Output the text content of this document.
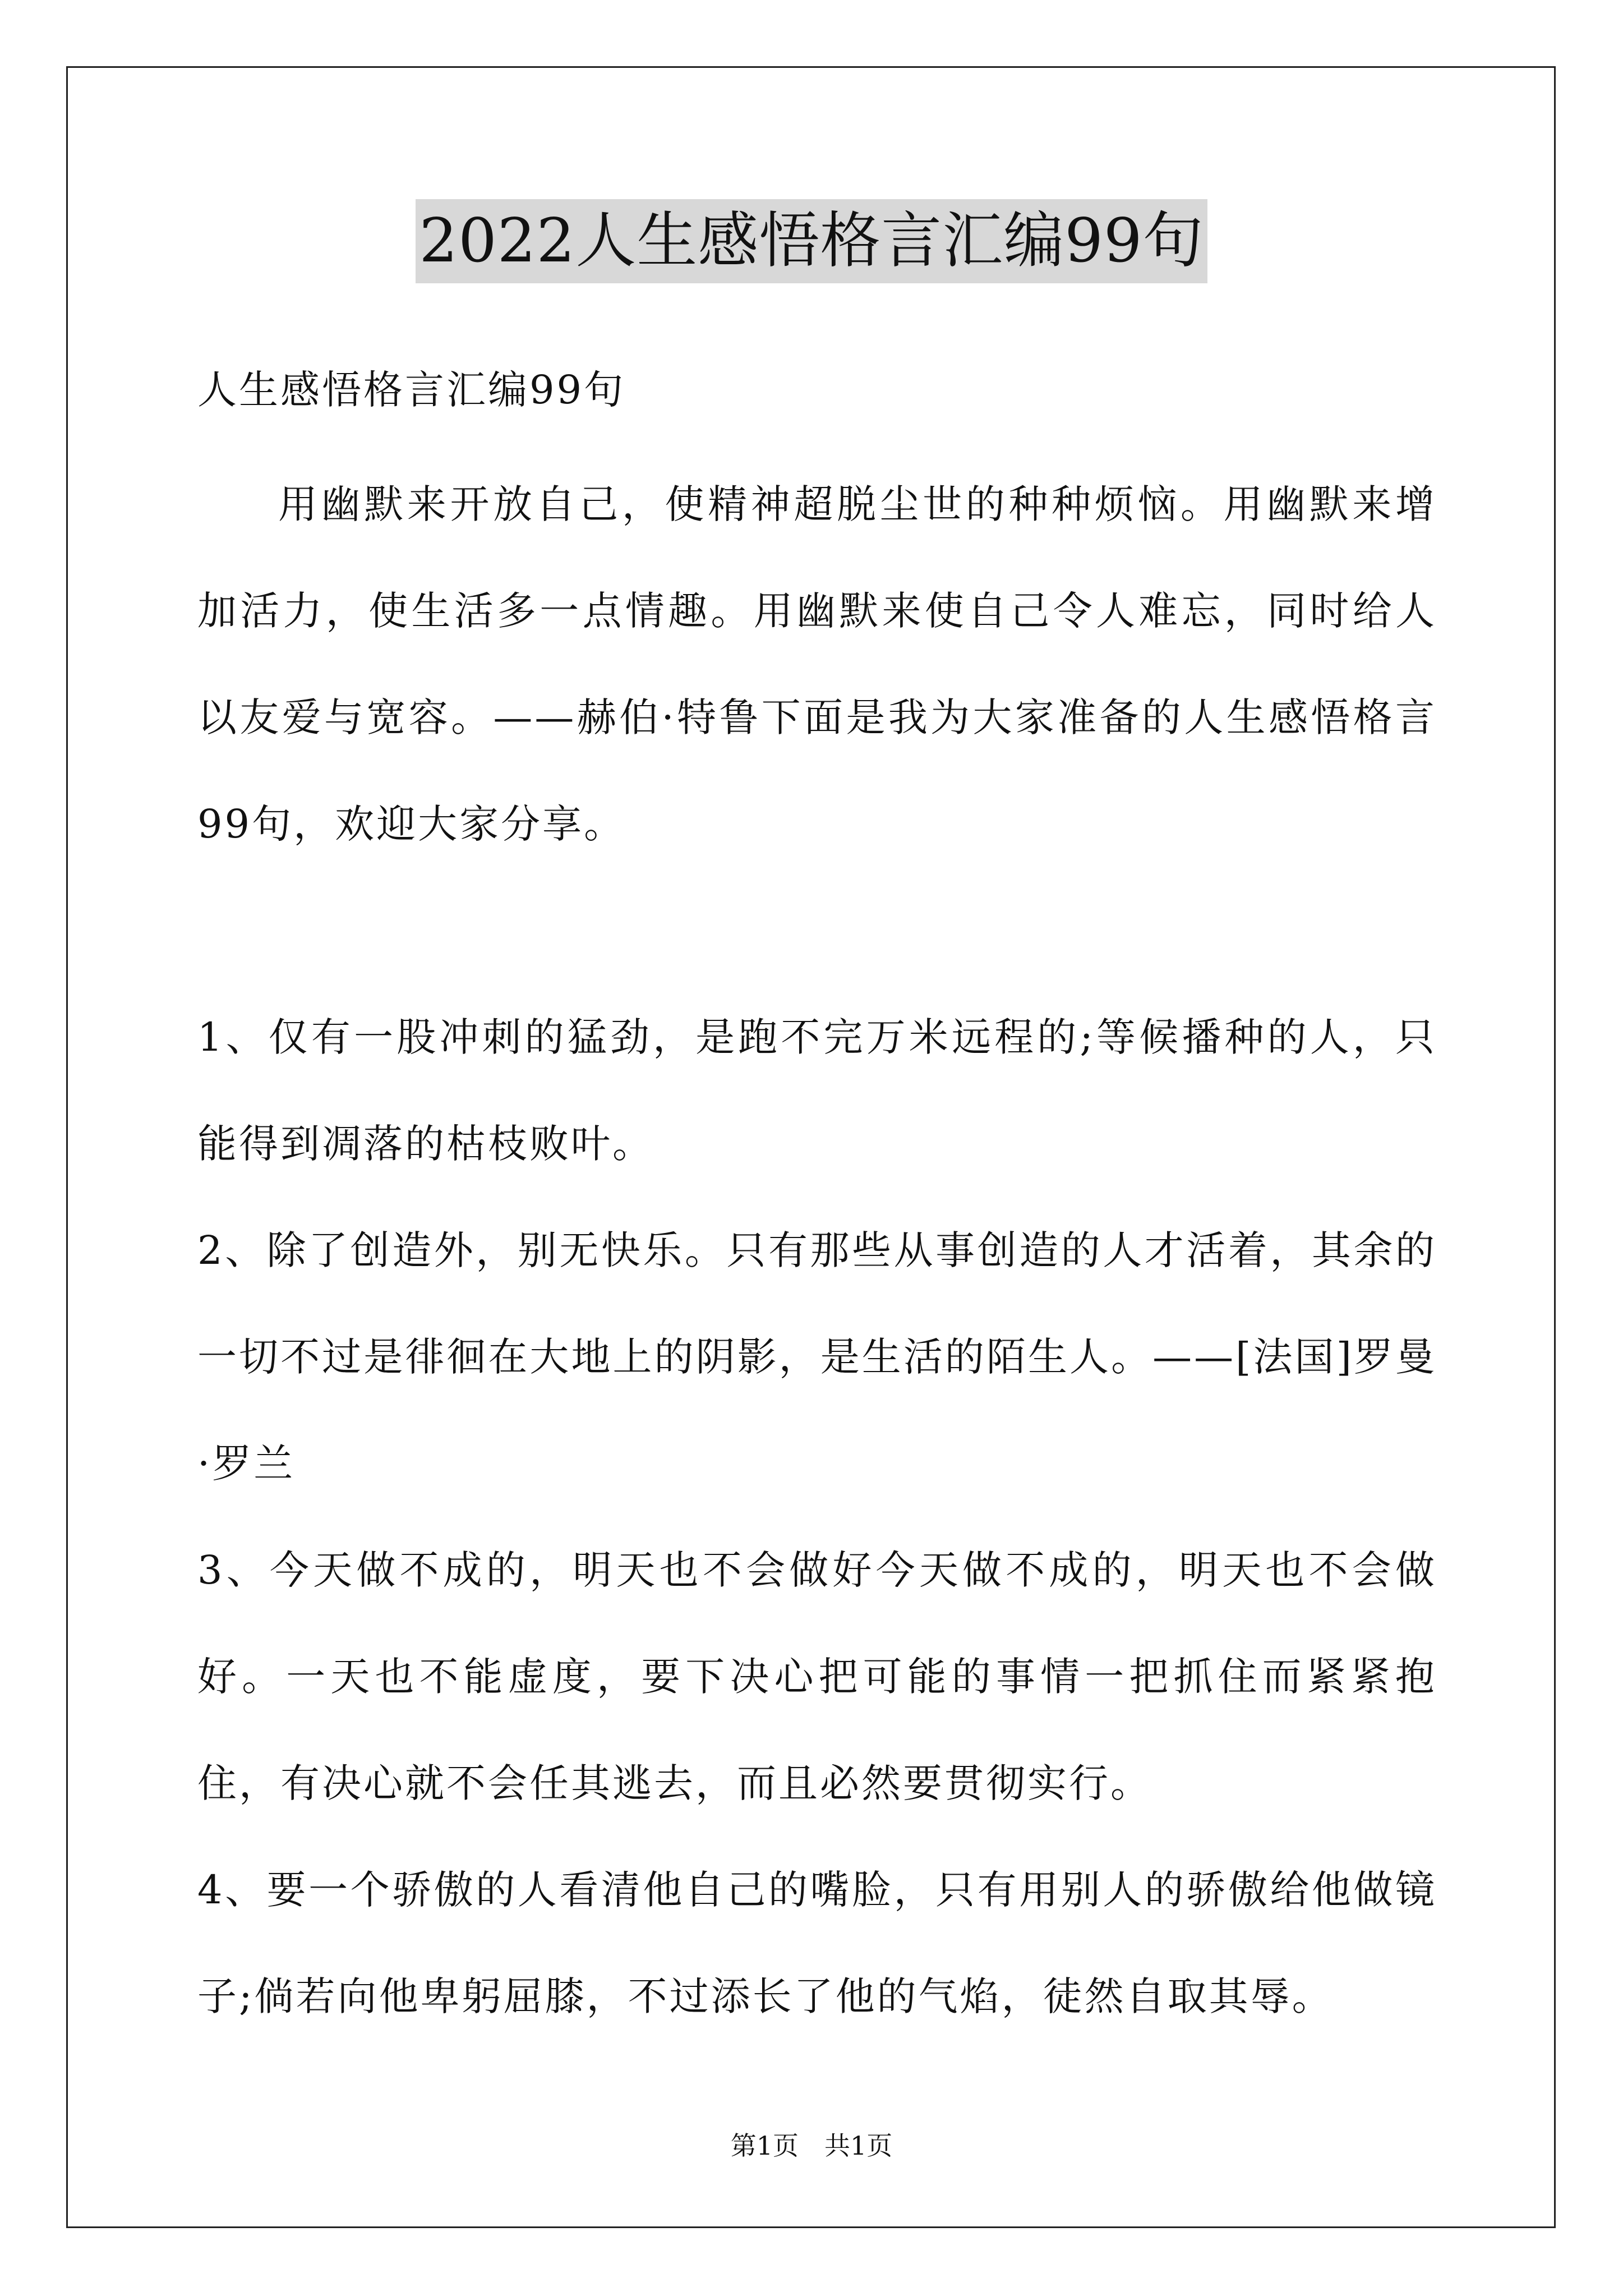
2022人生感悟格言汇编99句

人生感悟格言汇编99句

用幽默来开放自己，使精神超脱尘世的种种烦恼。用幽默来增加活力，使生活多一点情趣。用幽默来使自己令人难忘，同时给人以友爱与宽容。——赫伯·特鲁下面是我为大家准备的人生感悟格言99句，欢迎大家分享。

1、仅有一股冲刺的猛劲，是跑不完万米远程的;等候播种的人，只能得到凋落的枯枝败叶。

2、除了创造外，别无快乐。只有那些从事创造的人才活着，其余的一切不过是徘徊在大地上的阴影，是生活的陌生人。——[法国]罗曼·罗兰

3、今天做不成的，明天也不会做好今天做不成的，明天也不会做好。一天也不能虚度，要下决心把可能的事情一把抓住而紧紧抱住，有决心就不会任其逃去，而且必然要贯彻实行。

4、要一个骄傲的人看清他自己的嘴脸，只有用别人的骄傲给他做镜子;倘若向他卑躬屈膝，不过添长了他的气焰，徒然自取其辱。

第1页　共1页
